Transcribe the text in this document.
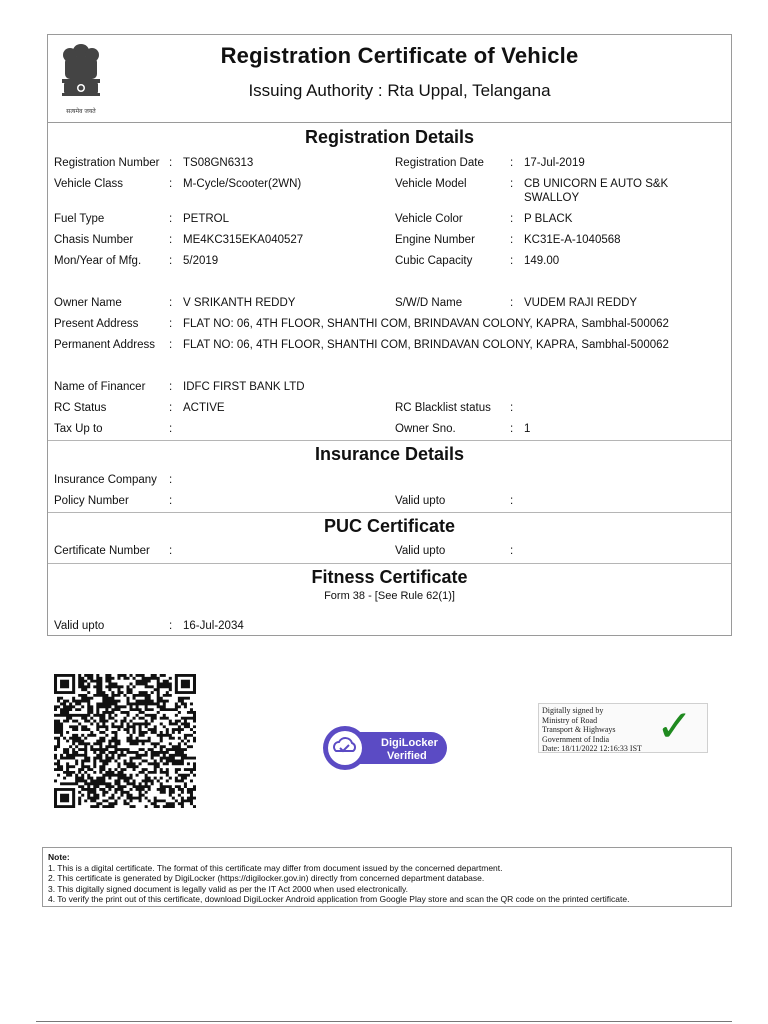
सत्यमेव जयते
Registration Certificate of Vehicle
Issuing Authority : Rta Uppal, Telangana
Registration Details
Registration Number : TS08GN6313	Registration Date : 17-Jul-2019
Vehicle Class	: M-Cycle/Scooter(2WN)	Vehicle Model	: CB UNICORN E AUTO S&K SWALLOY
Fuel Type	: PETROL	Vehicle Color	: P BLACK
Chasis Number	: ME4KC315EKA040527	Engine Number	: KC31E-A-1040568
Mon/Year of Mfg. : 5/2019	Cubic Capacity	: 149.00
Owner Name	: V SRIKANTH REDDY	S/W/D Name	: VUDEM RAJI REDDY
Present Address	: FLAT NO: 06, 4TH FLOOR, SHANTHI COM, BRINDAVAN COLONY, KAPRA, Sambhal-500062
Permanent Address : FLAT NO: 06, 4TH FLOOR, SHANTHI COM, BRINDAVAN COLONY, KAPRA, Sambhal-500062
Name of Financer : IDFC FIRST BANK LTD
RC Status	: ACTIVE	RC Blacklist status :
Tax Up to	:	Owner Sno.	: 1
Insurance Details
Insurance Company :
Policy Number	:	Valid upto	:
PUC Certificate
Certificate Number :	Valid upto	:
Fitness Certificate
Form 38 - [See Rule 62(1)]
Valid upto	: 16-Jul-2034
DigiLocker
Verified
Digitally signed by
Ministry of Road
Transport & Highways
Government of India
Date: 18/11/2022 12:16:33 IST ✓
Note:
1. This is a digital certificate. The format of this certificate may differ from document issued by the concerned department.
2. This certificate is generated by DigiLocker (https://digilocker.gov.in) directly from concerned department database.
3. This digitally signed document is legally valid as per the IT Act 2000 when used electronically.
4. To verify the print out of this certificate, download DigiLocker Android application from Google Play store and scan the QR code on the printed certificate.
